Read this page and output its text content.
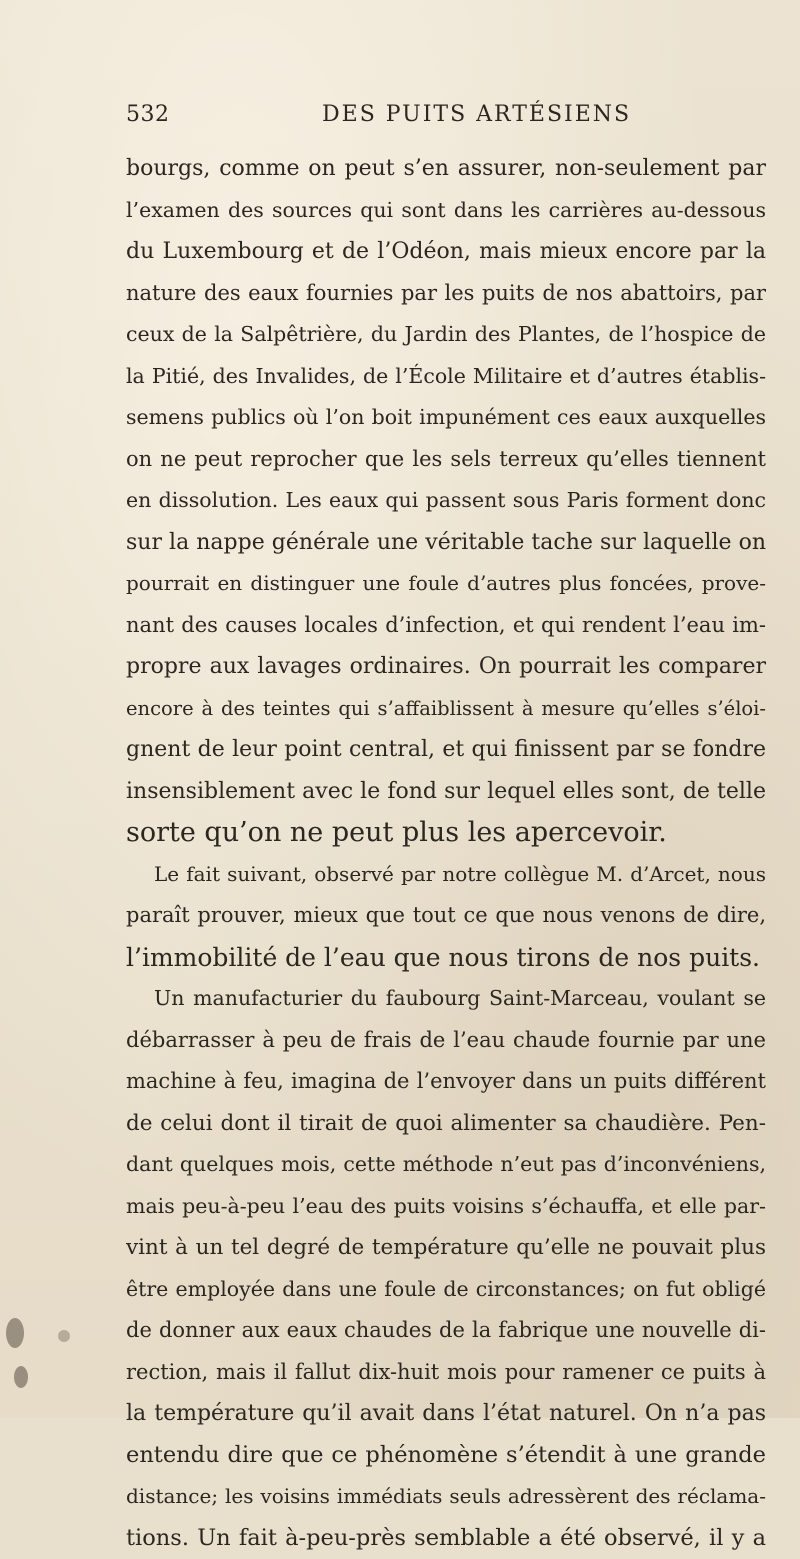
532	DES PUITS ARTÉSIENS
bourgs, comme on peut s’en assurer, non-seulement par
l’examen des sources qui sont dans les carrières au-dessous
du Luxembourg et de l’Odéon, mais mieux encore par la
nature des eaux fournies par les puits de nos abattoirs, par
ceux de la Salpêtrière, du Jardin des Plantes, de l’hospice de
la Pitié, des Invalides, de l’École Militaire et d’autres établis-
semens publics où l’on boit impunément ces eaux auxquelles
on ne peut reprocher que les sels terreux qu’elles tiennent
en dissolution. Les eaux qui passent sous Paris forment donc
sur la nappe générale une véritable tache sur laquelle on
pourrait en distinguer une foule d’autres plus foncées, prove-
nant des causes locales d’infection, et qui rendent l’eau im-
propre aux lavages ordinaires. On pourrait les comparer
encore à des teintes qui s’affaiblissent à mesure qu’elles s’éloi-
gnent de leur point central, et qui finissent par se fondre
insensiblement avec le fond sur lequel elles sont, de telle
sorte qu’on ne peut plus les apercevoir.
Le fait suivant, observé par notre collègue M. d’Arcet, nous
paraît prouver, mieux que tout ce que nous venons de dire,
l’immobilité de l’eau que nous tirons de nos puits.
Un manufacturier du faubourg Saint-Marceau, voulant se
débarrasser à peu de frais de l’eau chaude fournie par une
machine à feu, imagina de l’envoyer dans un puits différent
de celui dont il tirait de quoi alimenter sa chaudière. Pen-
dant quelques mois, cette méthode n’eut pas d’inconvéniens,
mais peu-à-peu l’eau des puits voisins s’échauffa, et elle par-
vint à un tel degré de température qu’elle ne pouvait plus
être employée dans une foule de circonstances; on fut obligé
de donner aux eaux chaudes de la fabrique une nouvelle di-
rection, mais il fallut dix-huit mois pour ramener ce puits à
la température qu’il avait dans l’état naturel. On n’a pas
entendu dire que ce phénomène s’étendit à une grande
distance; les voisins immédiats seuls adressèrent des réclama-
tions. Un fait à-peu-près semblable a été observé, il y a
